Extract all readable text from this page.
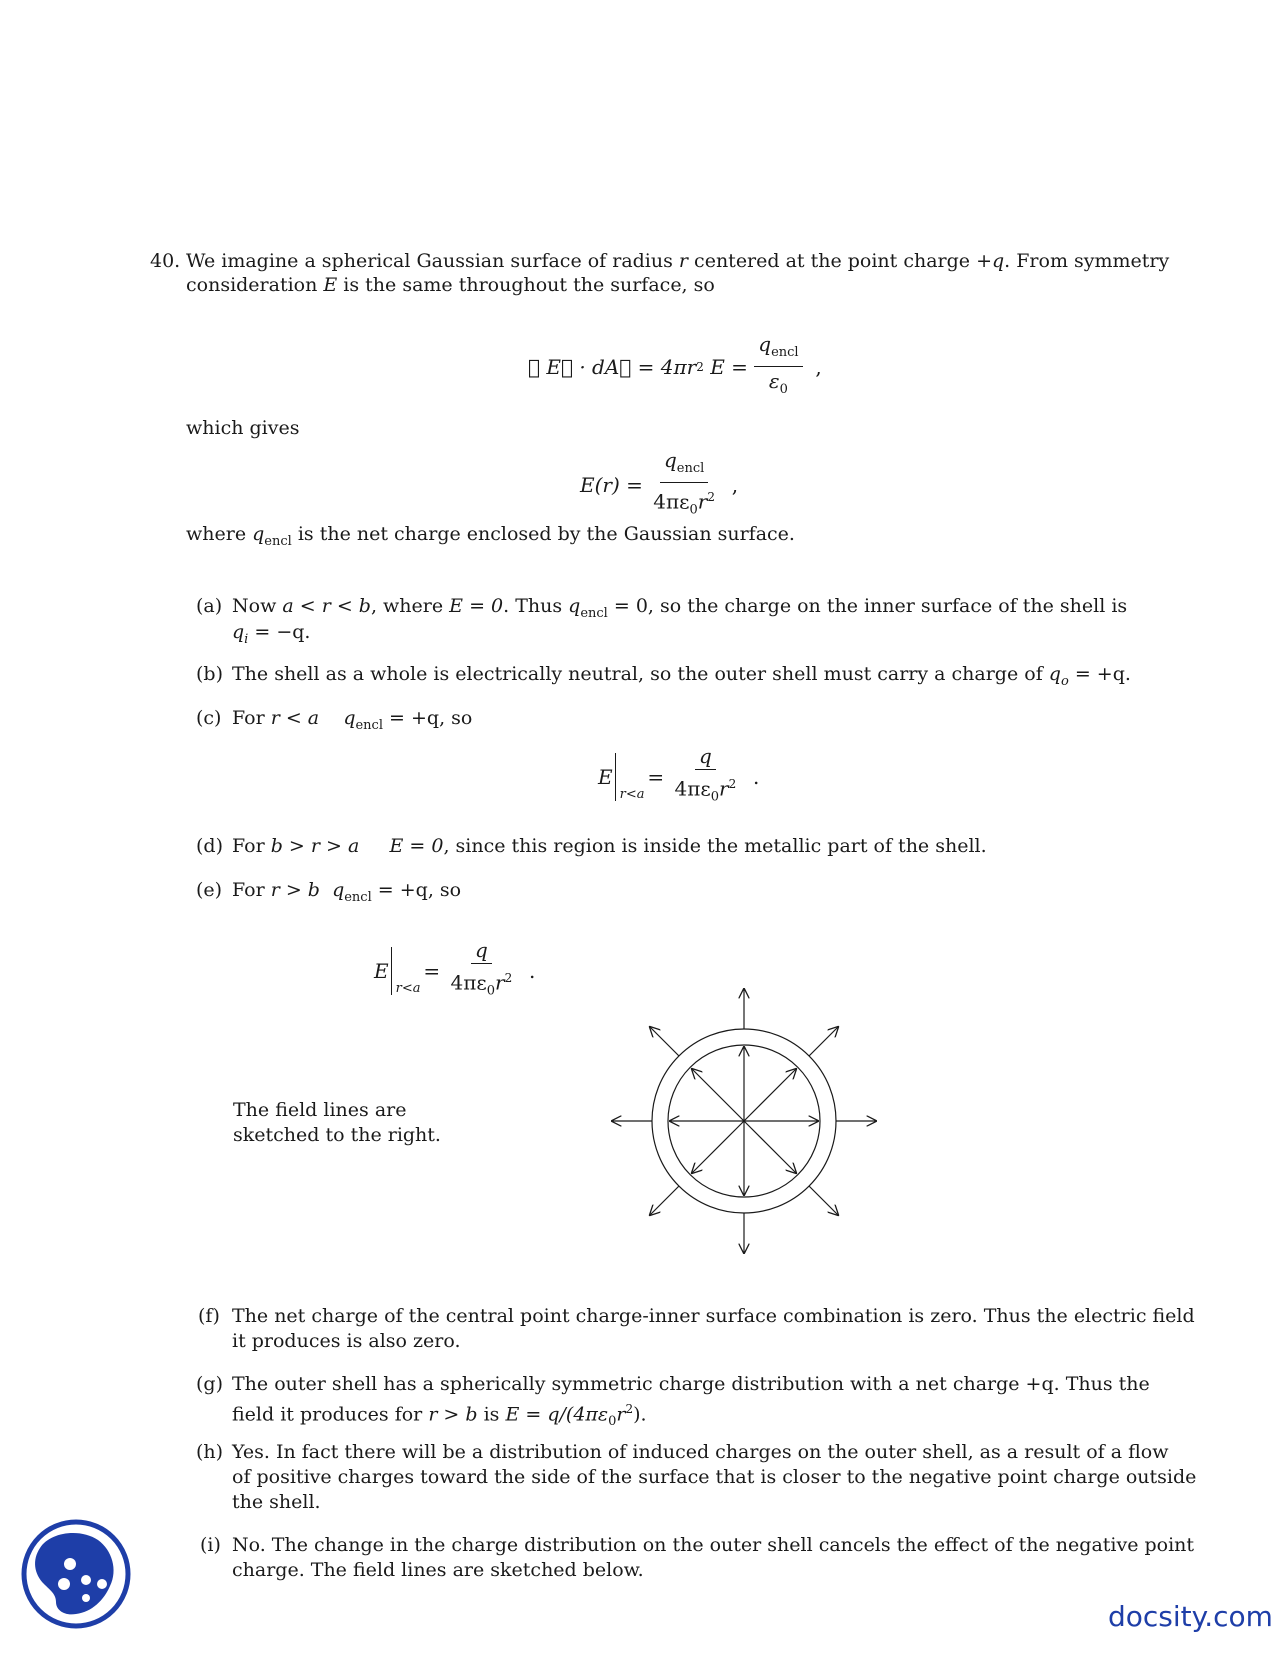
40. We imagine a spherical Gaussian surface of radius r centered at the point charge +q. From symmetry
consideration E is the same throughout the surface, so
∮ E⃗ · dA⃗ = 4πr 2
E =
$\frac{q_{encl}}{\varepsilon_0}$
,
which gives
E(r) =
$\frac{q_{encl}}{4\pi\varepsilon_0r^2}$
,
where $q_{encl}$ is the net charge enclosed by the Gaussian surface.
(a) Now a < r < b, where E = 0. Thus $q_{encl} = 0$, so the charge on the inner surface of the shell is
$q_i = -q$.
(b) The shell as a whole is electrically neutral, so the outer shell must carry a charge of $q_o = +q$.
(c) For r < a $q_{encl} = +q$, so
E
r<a

=
$\frac{q}{4\pi\varepsilon_0r^2}$
.
(d) For b > r > a E = 0, since this region is inside the metallic part of the shell.
(e) For r > b $q_{encl} = +q$, so
E
r<a

=
$\frac{q}{4\pi\varepsilon_0r^2}$
.
The field lines are
sketched to the right.
(f) The net charge of the central point charge-inner surface combination is zero. Thus the electric field
it produces is also zero.
(g) The outer shell has a spherically symmetric charge distribution with a net charge +q. Thus the
field it produces for r > b is $E = q/(4\pi\varepsilon_0r^2)$.
(h) Yes. In fact there will be a distribution of induced charges on the outer shell, as a result of a flow
of positive charges toward the side of the surface that is closer to the negative point charge outside
the shell.
(i) No. The change in the charge distribution on the outer shell cancels the effect of the negative point
charge. The field lines are sketched below.
docsity.com
